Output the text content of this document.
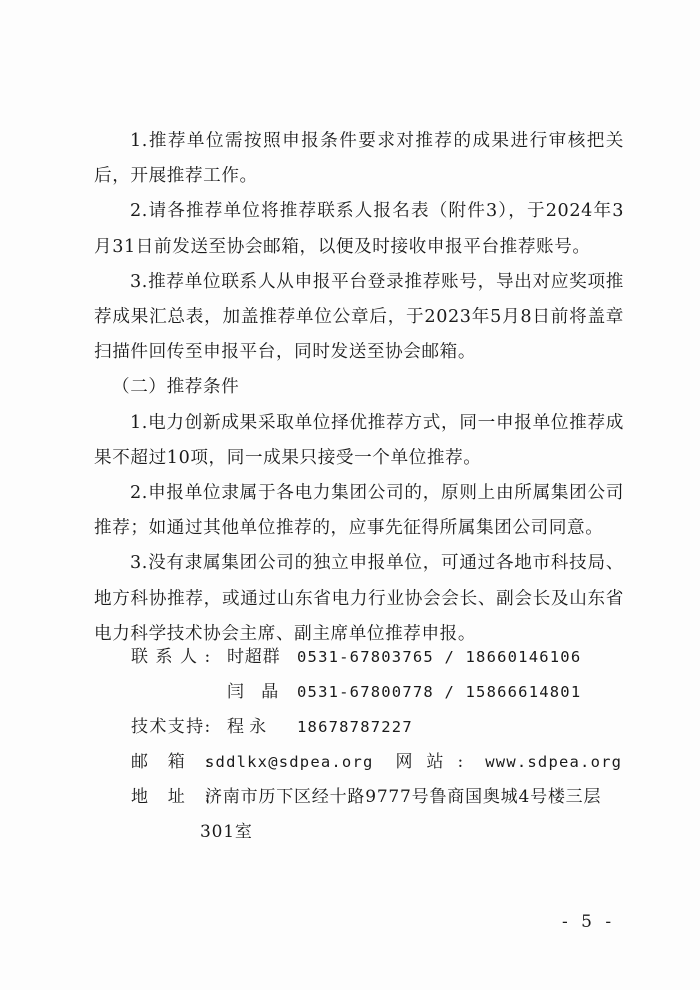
1.推荐单位需按照申报条件要求对推荐的成果进行审核把关后，开展推荐工作。

2.请各推荐单位将推荐联系人报名表（附件3），于2024年3月31日前发送至协会邮箱，以便及时接收申报平台推荐账号。

3.推荐单位联系人从申报平台登录推荐账号，导出对应奖项推荐成果汇总表，加盖推荐单位公章后，于2023年5月8日前将盖章扫描件回传至申报平台，同时发送至协会邮箱。

（二）推荐条件

1.电力创新成果采取单位择优推荐方式，同一申报单位推荐成果不超过10项，同一成果只接受一个单位推荐。

2.申报单位隶属于各电力集团公司的，原则上由所属集团公司推荐；如通过其他单位推荐的，应事先征得所属集团公司同意。

3.没有隶属集团公司的独立申报单位，可通过各地市科技局、地方科协推荐，或通过山东省电力行业协会会长、副会长及山东省电力科学技术协会主席、副主席单位推荐申报。

联系人: 时超群 0531-67803765 / 18660146106
闫晶 0531-67800778 / 15866614801
技术支持: 程永 18678787227
邮箱:
sddlkx@sdpea.org 网站: www.sdpea.org
地址:
济南市历下区经十路9777号鲁商国奥城4号楼三层
301室
- 5 -
